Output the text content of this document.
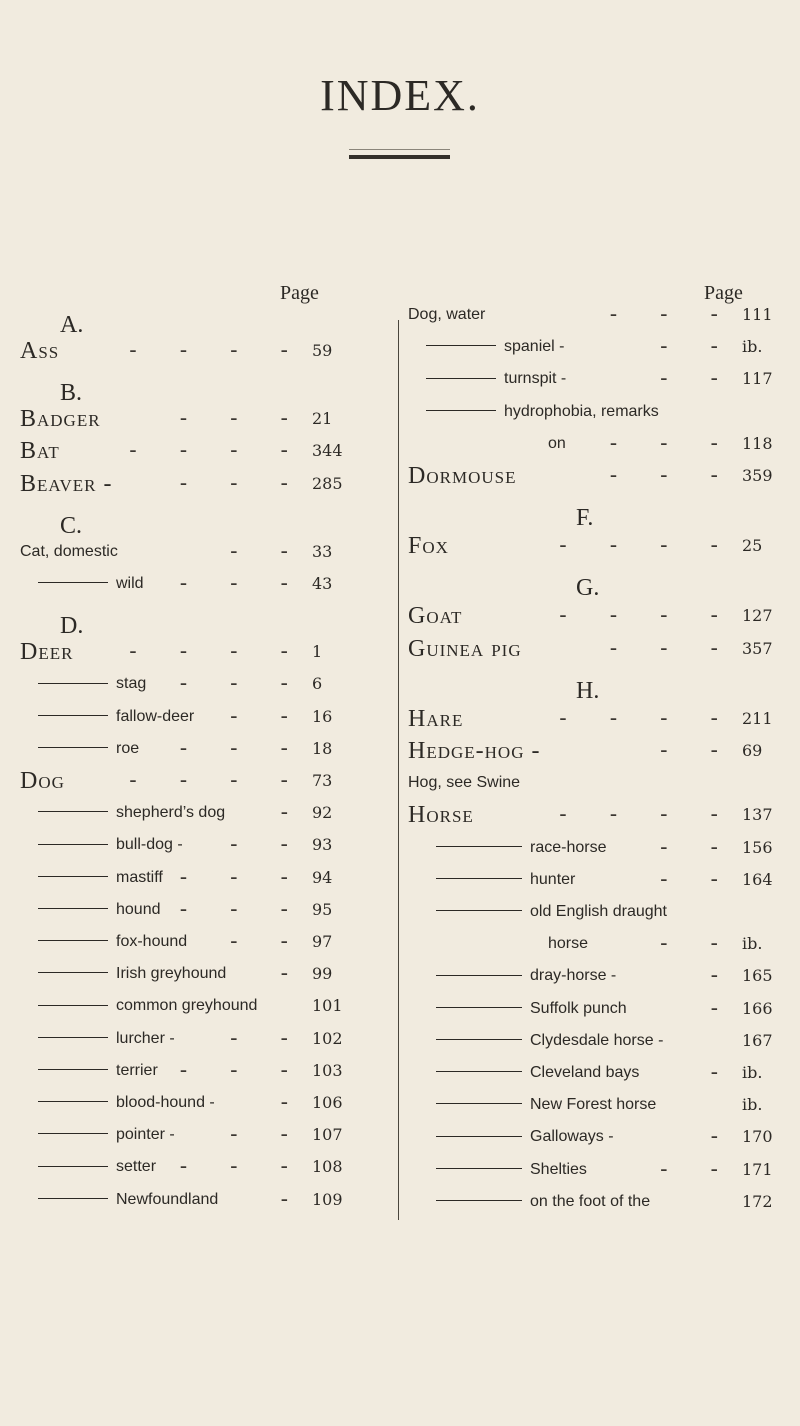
INDEX.
Page	Page
A.
Ass	- - - - 59
B.
Badger	- - - 21
Bat	- - - - 344
Beaver -	- - - 285
C.
Cat, domestic	- - 33
wild - - - 43
D.
Deer	- - - - 1
stag - - - 6
fallow-deer - - 16
roe - - - 18
Dog	- - - - 73
shepherd’s dog	- 92
bull-dog - - - 93
mastiff - - - 94
hound - - - 95
fox-hound - - 97
Irish greyhound - 99
common greyhound	101
lurcher -	- - 102
terrier - - - 103
blood-hound -	- 106
pointer -	- - 107
setter - - - 108
Newfoundland	- 109
Dog, water	- - - 111
spaniel -	- - ib.
turnspit -	- - 117
hydrophobia, remarks
on - - - 118
Dormouse	- - - 359
F.
Fox	- - - - 25
G.
Goat	- - - - 127
Guinea pig	- - - 357
H.
Hare	- - - - 211
Hedge-hog -	- - 69
Hog, see Swine
Horse	- - - - 137
race-horse - - 156
hunter	- - 164
old English draught
horse	- - ib.
dray-horse -	- 165
Suffolk punch	- 166
Clydesdale horse -	167
Cleveland bays	- ib.
New Forest horse	ib.
Galloways -	- 170
Shelties	- - 171
on the foot of the	172
